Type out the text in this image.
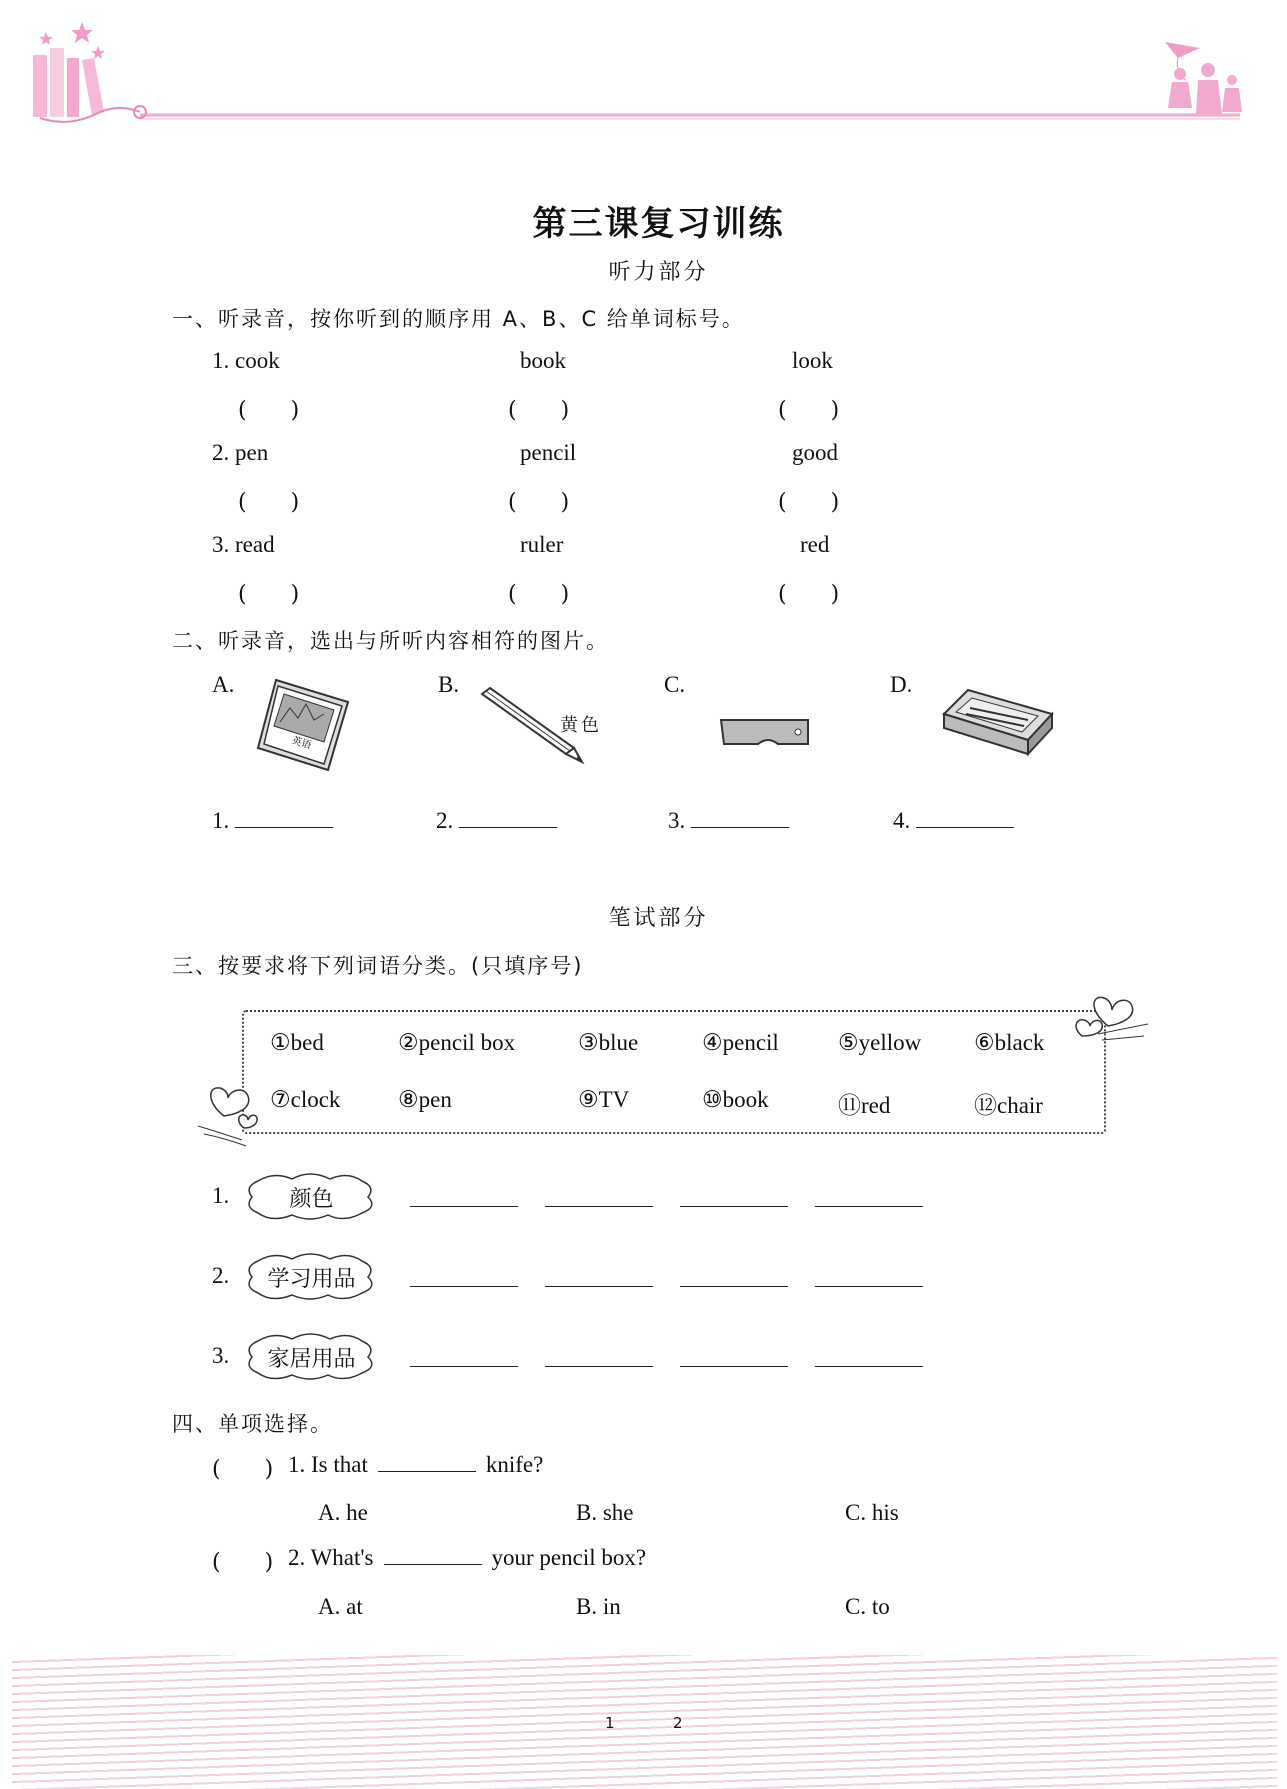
第三课复习训练
听力部分
一、听录音，按你听到的顺序用 A、B、C 给单词标号。
1. cook	book	look
(　　)	(　　)	(　　)
2. pen	pencil	good
(　　)	(　　)	(　　)
3. read	ruler	red
(　　)	(　　)	(　　)
二、听录音，选出与所听内容相符的图片。
A.	B.	C.	D.
英语
黄色
1.	2.	3.	4.
笔试部分
三、按要求将下列词语分类。(只填序号)
①bed	②pencil box	③blue	④pencil	⑤yellow ⑥black
⑦clock	⑧pen	⑨TV	⑩book	⑪red	⑫chair
1.	颜色
2.	学习用品
3.	家居用品
四、单项选择。
(　　) 1. Is that	knife?
A. he	B. she	C. his
(　　) 2. What's	your pencil box?
A. at	B. in	C. to
1	2
